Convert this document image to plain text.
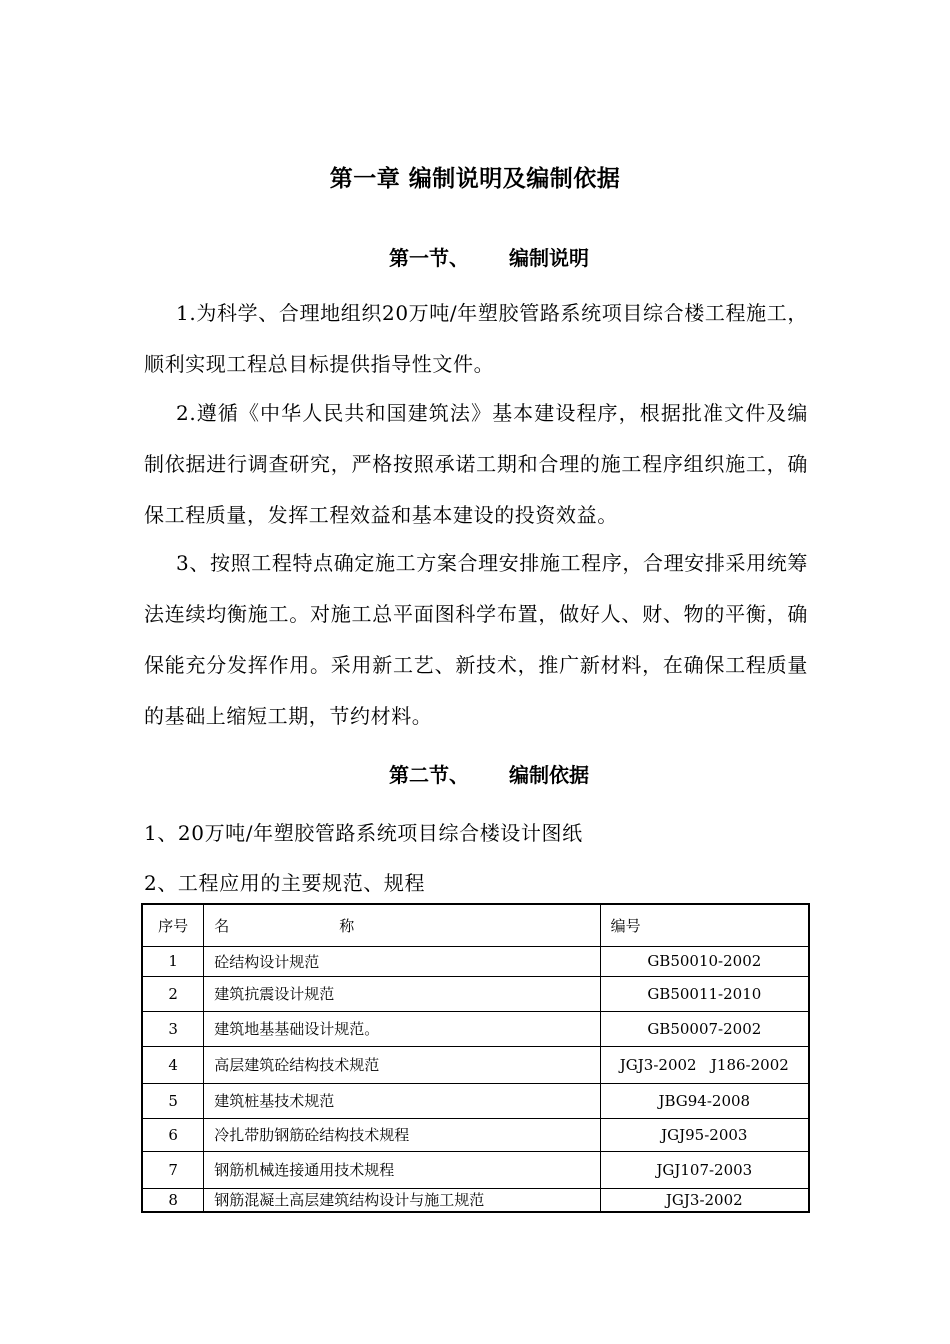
第一章 编制说明及编制依据
第一节、 编制说明

1.为科学、合理地组织20万吨/年塑胶管路系统项目综合楼工程施工，顺利实现工程总目标提供指导性文件。

2.遵循《中华人民共和国建筑法》基本建设程序，根据批准文件及编制依据进行调查研究，严格按照承诺工期和合理的施工程序组织施工，确保工程质量，发挥工程效益和基本建设的投资效益。

3、按照工程特点确定施工方案合理安排施工程序，合理安排采用统筹法连续均衡施工。对施工总平面图科学布置，做好人、财、物的平衡，确保能充分发挥作用。采用新工艺、新技术，推广新材料，在确保工程质量的基础上缩短工期，节约材料。

第二节、 编制依据
1、20万吨/年塑胶管路系统项目综合楼设计图纸
2、工程应用的主要规范、规程
序号	名 称	编号
1	砼结构设计规范	GB50010-2002
2	建筑抗震设计规范	GB50011-2010
3	建筑地基基础设计规范。	GB50007-2002
4	高层建筑砼结构技术规范	JGJ3-2002   J186-2002
5	建筑桩基技术规范	JBG94-2008
6	冷扎带肋钢筋砼结构技术规程	JGJ95-2003
7	钢筋机械连接通用技术规程	JGJ107-2003
8	钢筋混凝土高层建筑结构设计与施工规范	JGJ3-2002
